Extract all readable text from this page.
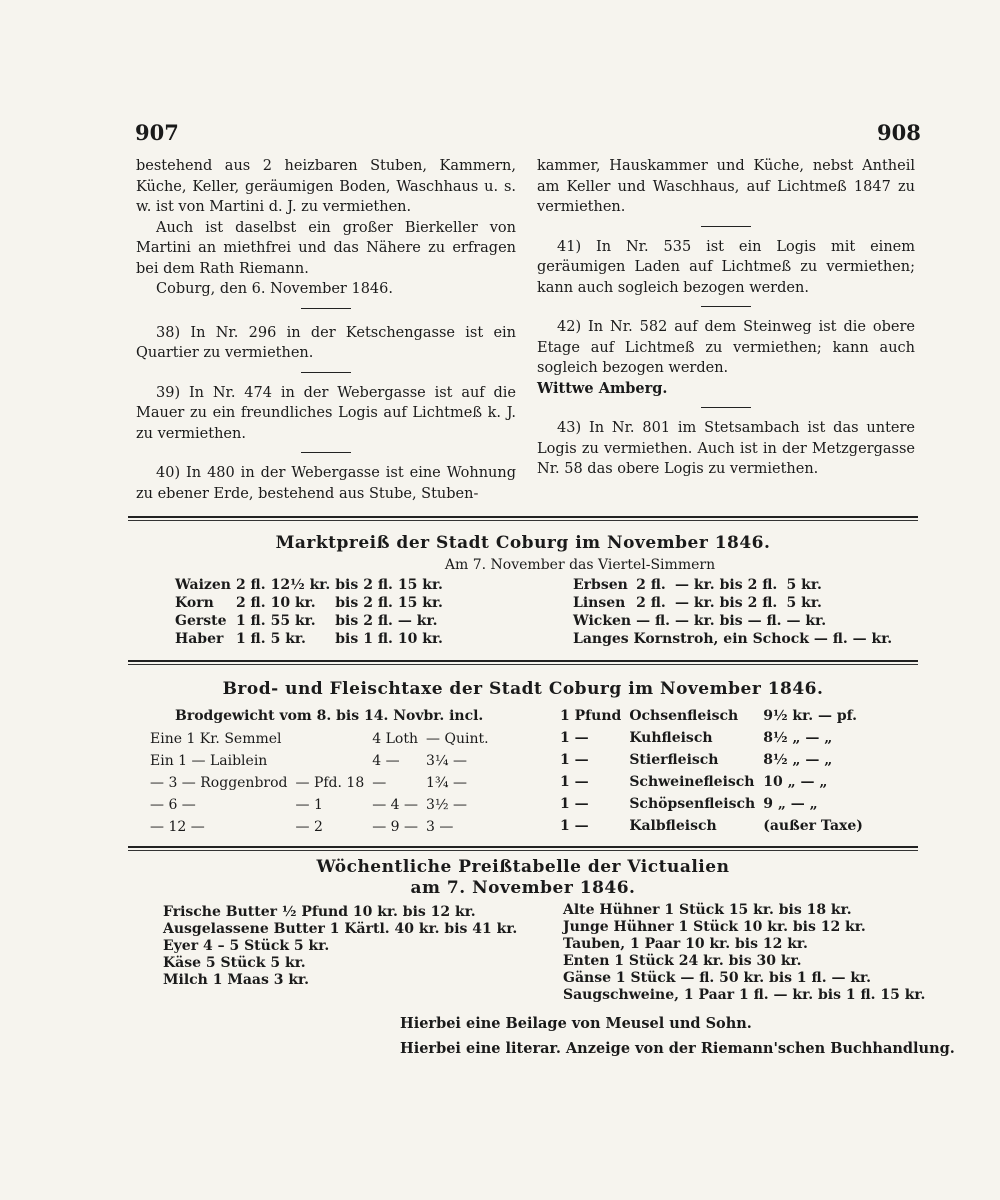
907	908

bestehend aus 2 heizbaren Stuben, Kammern, Küche, Keller, geräumigen Boden, Waschhaus u. s. w. ist von Martini d. J. zu vermiethen.

Auch ist daselbst ein großer Bierkeller von Martini an miethfrei und das Nähere zu erfragen bei dem Rath Riemann.

Coburg, den 6. November 1846.

38) In Nr. 296 in der Ketschengasse ist ein Quartier zu vermiethen.

39) In Nr. 474 in der Webergasse ist auf die Mauer zu ein freundliches Logis auf Lichtmeß k. J. zu vermiethen.

40) In 480 in der Webergasse ist eine Wohnung zu ebener Erde, bestehend aus Stube, Stuben-

kammer, Hauskammer und Küche, nebst Antheil am Keller und Waschhaus, auf Lichtmeß 1847 zu vermiethen.

41) In Nr. 535 ist ein Logis mit einem geräumigen Laden auf Lichtmeß zu vermiethen; kann auch sogleich bezogen werden.

42) In Nr. 582 auf dem Steinweg ist die obere Etage auf Lichtmeß zu vermiethen; kann auch sogleich bezogen werden.

Wittwe Amberg.

43) In Nr. 801 im Stetsambach ist das untere Logis zu vermiethen. Auch ist in der Metzgergasse Nr. 58 das obere Logis zu vermiethen.

Marktpreiß der Stadt Coburg im November 1846.
Am 7. November das Viertel-Simmern
Waizen	2 fl.	12½ kr.	bis	2 fl.	15 kr.
Korn	2 fl.	10 kr.	bis	2 fl.	15 kr.
Gerste	1 fl.	55 kr.	bis	2 fl.	— kr.
Haber	1 fl.	5 kr.	bis	1 fl.	10 kr.
Erbsen	2 fl.	— kr.	bis	2 fl.	5 kr.
Linsen	2 fl.	— kr.	bis	2 fl.	5 kr.
Wicken	— fl.	— kr.	bis	— fl.	— kr.
Langes Kornstroh, ein Schock — fl. — kr.
Brod- und Fleischtaxe der Stadt Coburg im November 1846.
Brodgewicht vom 8. bis 14. Novbr. incl.
Eine 1 Kr. Semmel		4 Loth	— Quint.
Ein 1 — Laiblein		4 —	3¼ —
— 3 — Roggenbrod	— Pfd. 18	—	1¾ —
— 6 —	— 1	— 4 —	3½ —
— 12 —	— 2	— 9 —	3 —
1 Pfund	Ochsenfleisch	9½ kr. — pf.
1 —	Kuhfleisch	8½ „ — „
1 —	Stierfleisch	8½ „ — „
1 —	Schweinefleisch	10 „ — „
1 —	Schöpsenfleisch	9 „ — „
1 —	Kalbfleisch	(außer Taxe)
Wöchentliche Preißtabelle der Victualien
am 7. November 1846.
Frische Butter ½ Pfund 10 kr. bis 12 kr.
Ausgelassene Butter 1 Kärtl. 40 kr. bis 41 kr.
Eyer 4 – 5 Stück 5 kr.
Käse 5 Stück 5 kr.
Milch 1 Maas 3 kr.
Alte Hühner 1 Stück 15 kr. bis 18 kr.
Junge Hühner 1 Stück 10 kr. bis 12 kr.
Tauben, 1 Paar 10 kr. bis 12 kr.
Enten 1 Stück 24 kr. bis 30 kr.
Gänse 1 Stück — fl. 50 kr. bis 1 fl. — kr.
Saugschweine, 1 Paar 1 fl. — kr. bis 1 fl. 15 kr.
Hierbei eine Beilage von Meusel und Sohn.
Hierbei eine literar. Anzeige von der Riemann'schen Buchhandlung.
